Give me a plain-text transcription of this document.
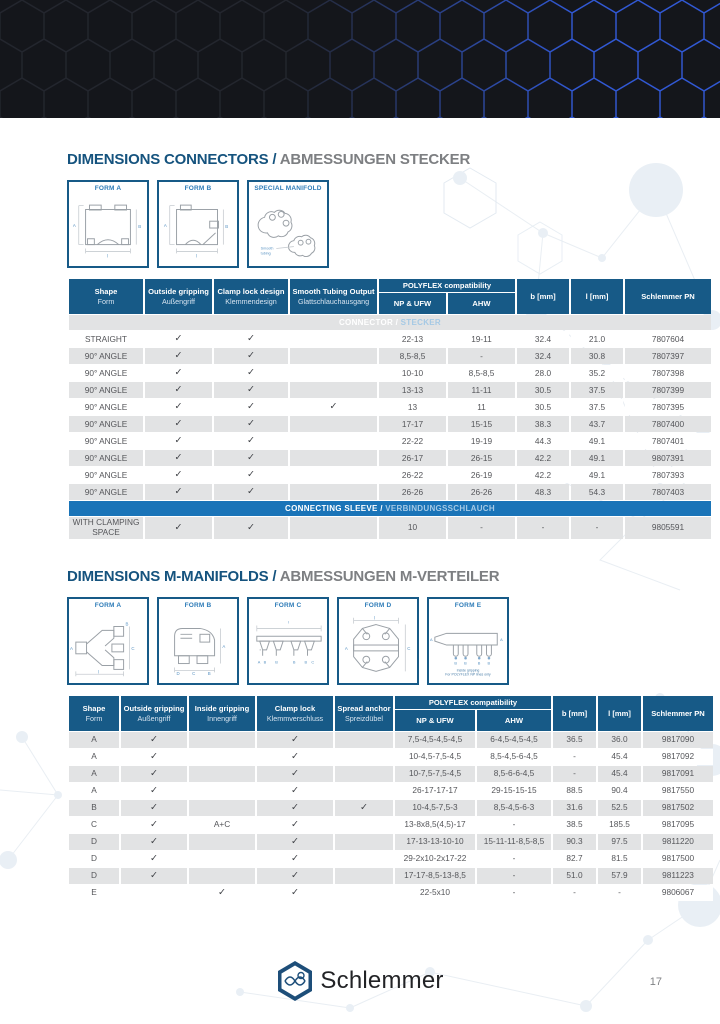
DIMENSIONS CONNECTORS / ABMESSUNGEN STECKER
FORM A
A	B
l
FORM B
A	B
l
SPECIAL MANIFOLD
Smooth
tubing
Shape
Form

Outside gripping
Außengriff

Clamp lock design
Klemmendesign

Smooth Tubing Output
Glattschlauchausgang
	POLYFLEX compatibility	b [mm]	l [mm]	Schlemmer PN
				NP & UFW	AHW			
CONNECTOR / STECKER								
STRAIGHT	✓	✓		22-13	19-11	32.4	21.0	7807604
90° ANGLE	✓	✓		8,5-8,5	-	32.4	30.8	7807397
90° ANGLE	✓	✓		10-10	8,5-8,5	28.0	35.2	7807398
90° ANGLE	✓	✓		13-13	11-11	30.5	37.5	7807399
90° ANGLE	✓	✓	✓	13	11	30.5	37.5	7807395
90° ANGLE	✓	✓		17-17	15-15	38.3	43.7	7807400
90° ANGLE	✓	✓		22-22	19-19	44.3	49.1	7807401
90° ANGLE	✓	✓		26-17	26-15	42.2	49.1	9807391
90° ANGLE	✓	✓		26-22	26-19	42.2	49.1	7807393
90° ANGLE	✓	✓		26-26	26-26	48.3	54.3	7807403
CONNECTING SLEEVE / VERBINDUNGSSCHLAUCH								
WITH CLAMPING SPACE	✓	✓		10	-	-	-	9805591
DIMENSIONS M-MANIFOLDS / ABMESSUNGEN M-VERTEILER
FORM A
A
B
C
l
FORM B
D	C	B
A
FORM C
A B B	B B C
l
FORM D
l
C
A
FORM E
A	A
B B	B B
Inside gripping
For POLYFLEX NP lines only
Shape
Form

Outside gripping
Außengriff

Inside gripping
Innengriff

Clamp lock
Klemmverschluss

Spread anchor
Spreizdübel
	POLYFLEX compatibility	b [mm]	l [mm]	Schlemmer PN
					NP & UFW	AHW			
A	✓		✓		7,5-4,5-4,5-4,5	6-4,5-4,5-4,5	36.5	36.0	9817090
A	✓		✓		10-4,5-7,5-4,5	8,5-4,5-6-4,5	-	45.4	9817092
A	✓		✓		10-7,5-7,5-4,5	8,5-6-6-4,5	-	45.4	9817091
A	✓		✓		26-17-17-17	29-15-15-15	88.5	90.4	9817550
B	✓		✓	✓	10-4,5-7,5-3	8,5-4,5-6-3	31.6	52.5	9817502
C	✓	A+C	✓		13-8x8,5(4,5)-17	-	38.5	185.5	9817095
D	✓		✓		17-13-13-10-10	15-11-11-8,5-8,5	90.3	97.5	9811220
D	✓		✓		29-2x10-2x17-22	-	82.7	81.5	9817500
D	✓		✓		17-17-8,5-13-8,5	-	51.0	57.9	9811223
E		✓	✓		22-5x10	-	-	-	9806067
Schlemmer	17
